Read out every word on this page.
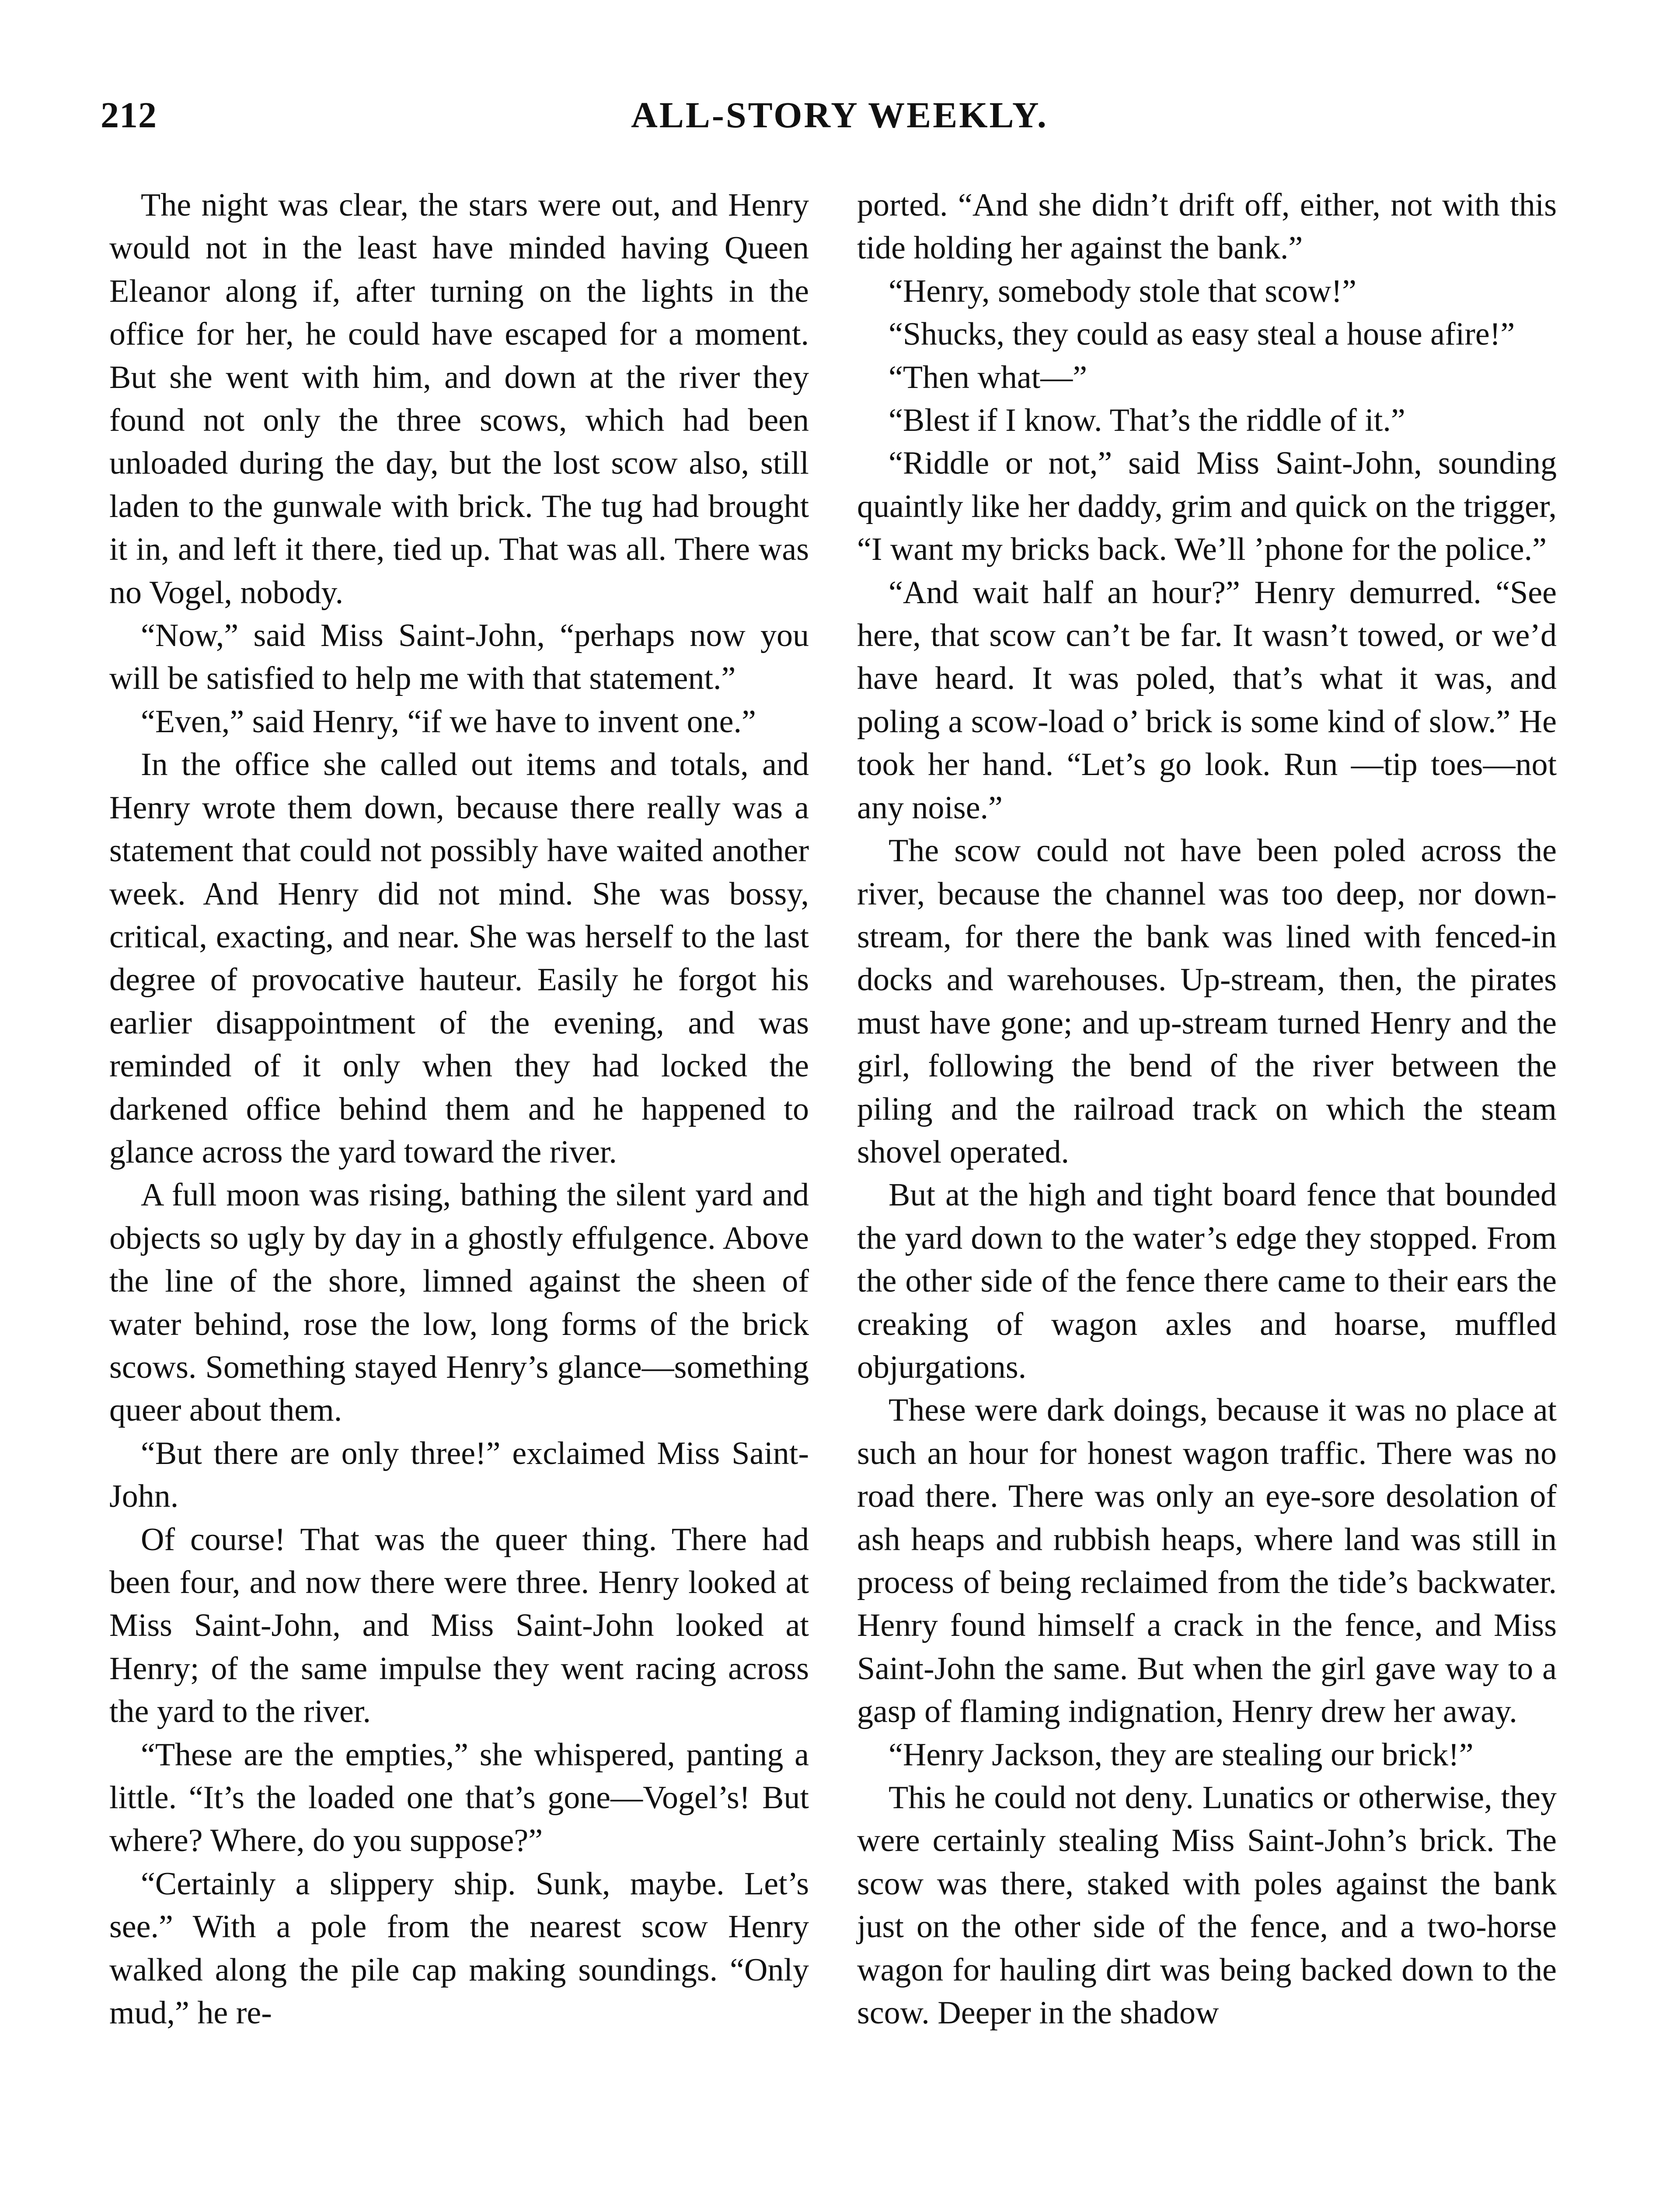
212	ALL-STORY WEEKLY.

The night was clear, the stars were out, and Henry would not in the least have minded having Queen Eleanor along if, after turning on the lights in the office for her, he could have escaped for a moment. But she went with him, and down at the river they found not only the three scows, which had been unloaded during the day, but the lost scow also, still laden to the gunwale with brick. The tug had brought it in, and left it there, tied up. That was all. There was no Vogel, nobody.

“Now,” said Miss Saint-John, “perhaps now you will be satisfied to help me with that statement.”

“Even,” said Henry, “if we have to invent one.”

In the office she called out items and totals, and Henry wrote them down, because there really was a statement that could not possibly have waited another week. And Henry did not mind. She was bossy, critical, exacting, and near. She was herself to the last degree of provocative hauteur. Easily he forgot his earlier disappointment of the evening, and was reminded of it only when they had locked the darkened office behind them and he happened to glance across the yard toward the river.

A full moon was rising, bathing the silent yard and objects so ugly by day in a ghostly effulgence. Above the line of the shore, limned against the sheen of water behind, rose the low, long forms of the brick scows. Something stayed Henry’s glance—something queer about them.

“But there are only three!” exclaimed Miss Saint-John.

Of course! That was the queer thing. There had been four, and now there were three. Henry looked at Miss Saint-John, and Miss Saint-John looked at Henry; of the same impulse they went racing across the yard to the river.

“These are the empties,” she whispered, panting a little. “It’s the loaded one that’s gone—Vogel’s! But where? Where, do you suppose?”

“Certainly a slippery ship. Sunk, maybe. Let’s see.” With a pole from the nearest scow Henry walked along the pile cap making soundings. “Only mud,” he re-

ported. “And she didn’t drift off, either, not with this tide holding her against the bank.”

“Henry, somebody stole that scow!”

“Shucks, they could as easy steal a house afire!”

“Then what—”

“Blest if I know. That’s the riddle of it.”

“Riddle or not,” said Miss Saint-John, sounding quaintly like her daddy, grim and quick on the trigger, “I want my bricks back. We’ll ’phone for the police.”

“And wait half an hour?” Henry demurred. “See here, that scow can’t be far. It wasn’t towed, or we’d have heard. It was poled, that’s what it was, and poling a scow-load o’ brick is some kind of slow.” He took her hand. “Let’s go look. Run —tip toes—not any noise.”

The scow could not have been poled across the river, because the channel was too deep, nor down-stream, for there the bank was lined with fenced-in docks and warehouses. Up-stream, then, the pirates must have gone; and up-stream turned Henry and the girl, following the bend of the river between the piling and the railroad track on which the steam shovel operated.

But at the high and tight board fence that bounded the yard down to the water’s edge they stopped. From the other side of the fence there came to their ears the creaking of wagon axles and hoarse, muffled objurgations.

These were dark doings, because it was no place at such an hour for honest wagon traffic. There was no road there. There was only an eye-sore desolation of ash heaps and rubbish heaps, where land was still in process of being reclaimed from the tide’s backwater. Henry found himself a crack in the fence, and Miss Saint-John the same. But when the girl gave way to a gasp of flaming indignation, Henry drew her away.

“Henry Jackson, they are stealing our brick!”

This he could not deny. Lunatics or otherwise, they were certainly stealing Miss Saint-John’s brick. The scow was there, staked with poles against the bank just on the other side of the fence, and a two-horse wagon for hauling dirt was being backed down to the scow. Deeper in the shadow
